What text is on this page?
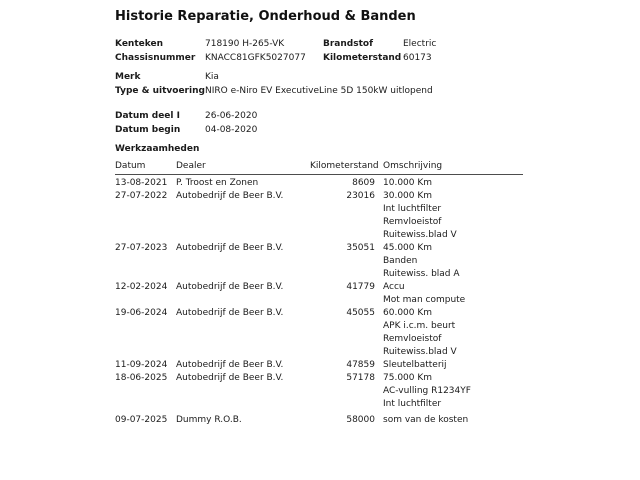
Historie Reparatie, Onderhoud & Banden
Kenteken	718190 H-265-VK	Brandstof	Electric
Chassisnummer	KNACC81GFK5027077	Kilometerstand 60173
Merk	Kia
Type & uitvoering NIRO e-Niro EV ExecutiveLine 5D 150kW uitlopend
Datum deel I	26-06-2020
Datum begin	04-08-2020
Werkzaamheden
Datum	Dealer	Kilometerstand Omschrijving
13-08-2021 P. Troost en Zonen	8609 10.000 Km
27-07-2022 Autobedrijf de Beer B.V.	23016 30.000 Km
Int luchtfilter
Remvloeistof
Ruitewiss.blad V
27-07-2023 Autobedrijf de Beer B.V.	35051 45.000 Km
Banden
Ruitewiss. blad A
12-02-2024 Autobedrijf de Beer B.V.	41779 Accu
Mot man compute
19-06-2024 Autobedrijf de Beer B.V.	45055 60.000 Km
APK i.c.m. beurt
Remvloeistof
Ruitewiss.blad V
11-09-2024 Autobedrijf de Beer B.V.	47859 Sleutelbatterij
18-06-2025 Autobedrijf de Beer B.V.	57178 75.000 Km
AC-vulling R1234YF
Int luchtfilter
09-07-2025 Dummy R.O.B.	58000 som van de kosten
